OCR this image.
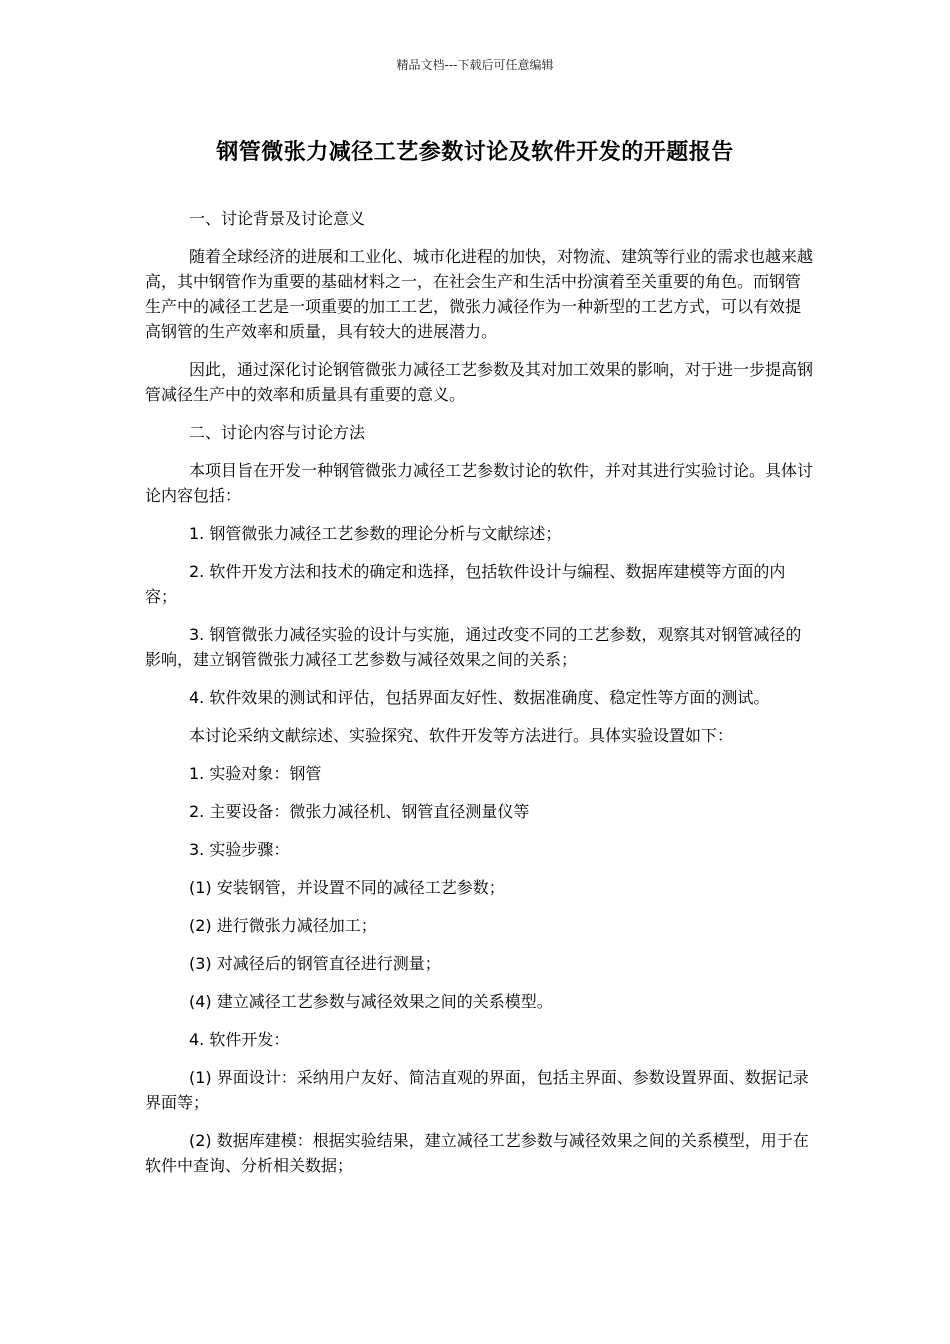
精品文档---下载后可任意编辑
钢管微张力减径工艺参数讨论及软件开发的开题报告

一、讨论背景及讨论意义

随着全球经济的进展和工业化、城市化进程的加快，对物流、建筑等行业的需求也越来越高，其中钢管作为重要的基础材料之一，在社会生产和生活中扮演着至关重要的角色。而钢管生产中的减径工艺是一项重要的加工工艺，微张力减径作为一种新型的工艺方式，可以有效提高钢管的生产效率和质量，具有较大的进展潜力。

因此，通过深化讨论钢管微张力减径工艺参数及其对加工效果的影响，对于进一步提高钢管减径生产中的效率和质量具有重要的意义。

二、讨论内容与讨论方法

本项目旨在开发一种钢管微张力减径工艺参数讨论的软件，并对其进行实验讨论。具体讨论内容包括：

1. 钢管微张力减径工艺参数的理论分析与文献综述；

2. 软件开发方法和技术的确定和选择，包括软件设计与编程、数据库建模等方面的内容；

3. 钢管微张力减径实验的设计与实施，通过改变不同的工艺参数，观察其对钢管减径的影响，建立钢管微张力减径工艺参数与减径效果之间的关系；

4. 软件效果的测试和评估，包括界面友好性、数据准确度、稳定性等方面的测试。

本讨论采纳文献综述、实验探究、软件开发等方法进行。具体实验设置如下：

1. 实验对象：钢管

2. 主要设备：微张力减径机、钢管直径测量仪等

3. 实验步骤：

(1) 安装钢管，并设置不同的减径工艺参数；

(2) 进行微张力减径加工；

(3) 对减径后的钢管直径进行测量；

(4) 建立减径工艺参数与减径效果之间的关系模型。

4. 软件开发：

(1) 界面设计：采纳用户友好、简洁直观的界面，包括主界面、参数设置界面、数据记录界面等；

(2) 数据库建模：根据实验结果，建立减径工艺参数与减径效果之间的关系模型，用于在软件中查询、分析相关数据；
